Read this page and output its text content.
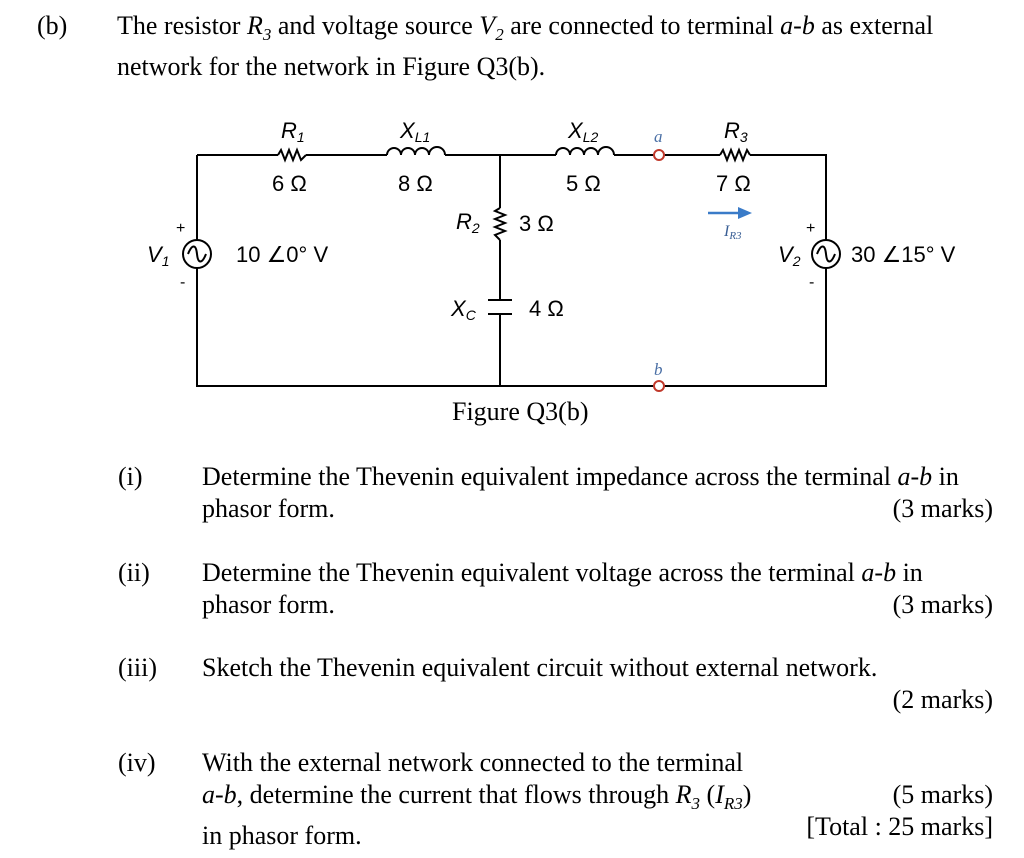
(b) The resistor $R_3$ and voltage source $V_2$ are connected to terminal a-b as external network for the network in Figure Q3(b).
a
b
IR3
R1
6 Ω
XL1
8 Ω
XL2
5 Ω
R3
7 Ω
R2 3 Ω
XC 4 Ω
+
-
V1	10 ∠0° V
+
-
V2 30 ∠15° V
Figure Q3(b)
(i) Determine the Thevenin equivalent impedance across the terminal a-b in phasor form.	(3 marks)
(ii) Determine the Thevenin equivalent voltage across the terminal a-b in phasor form.	(3 marks)
(iii) Sketch the Thevenin equivalent circuit without external network.
(2 marks)
(iv) With the external network connected to the terminal a-b, determine the current that flows through $R_3$ $(I_{R3})$ in phasor form.
(5 marks)
[Total : 25 marks]
